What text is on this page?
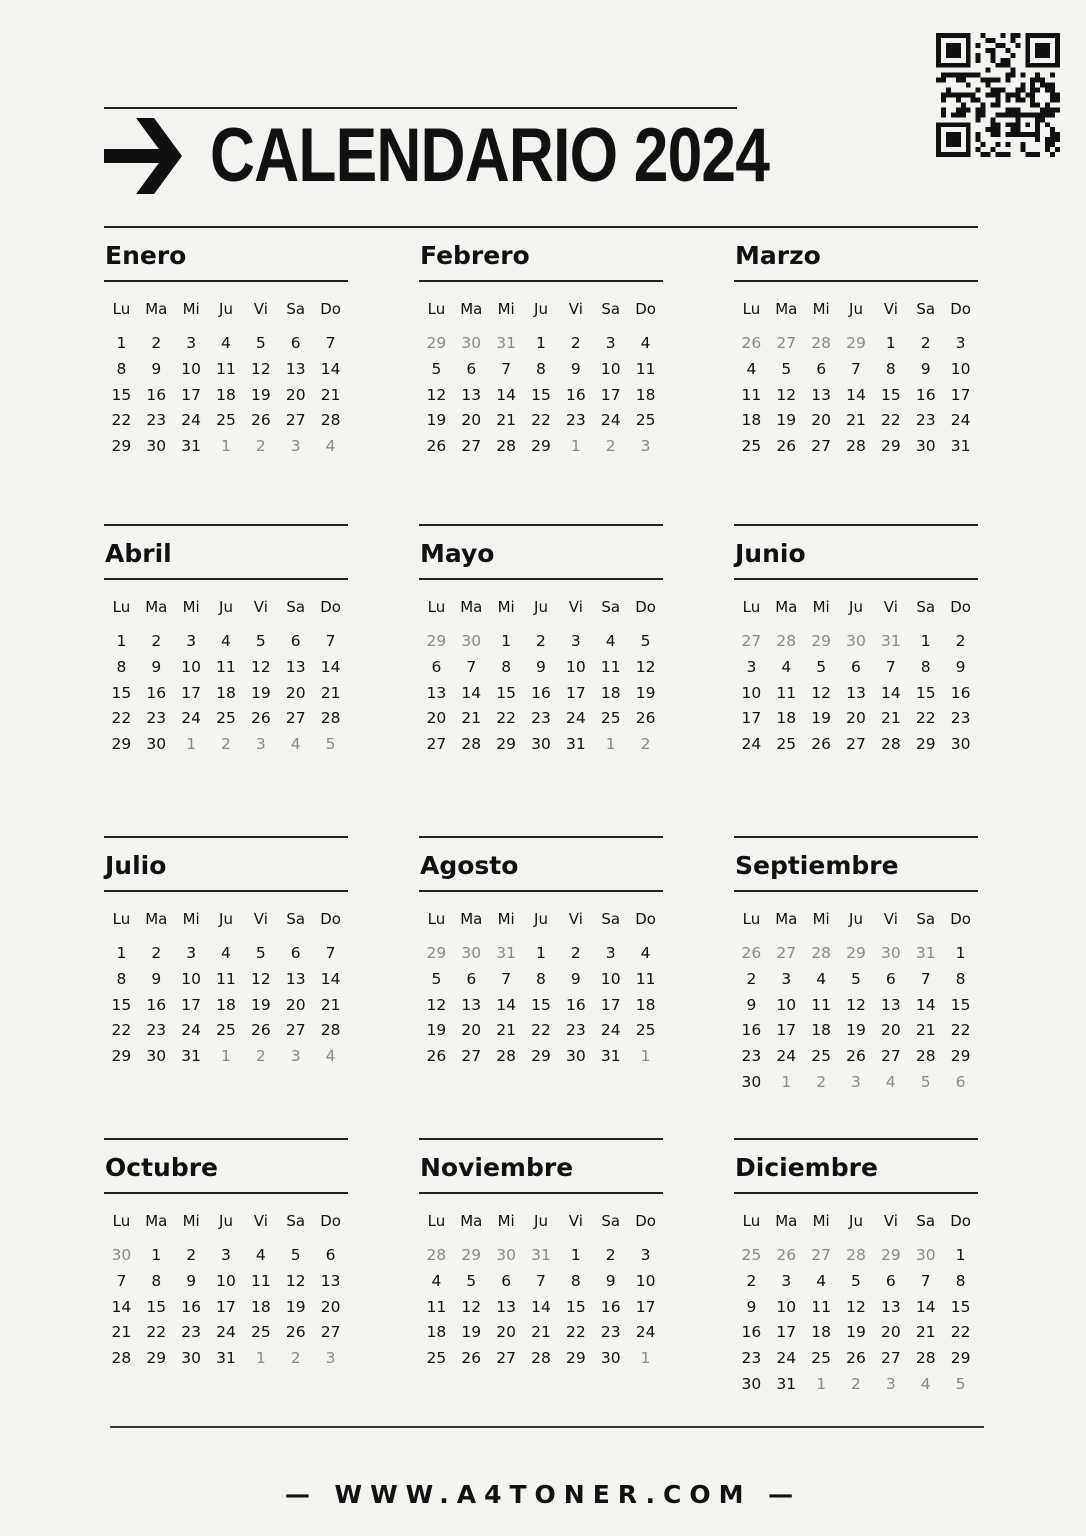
CALENDARIO 2024
Enero
Lu Ma	Mi	Ju	Vi	Sa	Do
1	2	3	4	5	6	7
8	9	10 11 12 13 14
15 16 17 18 19 20 21
22 23 24 25 26 27 28
29 30 31	1	2	3	4
Febrero
Lu Ma	Mi	Ju	Vi	Sa	Do
29 30 31	1	2	3	4
5	6	7	8	9	10 11
12 13 14 15 16 17 18
19 20 21 22 23 24 25
26 27 28 29	1	2	3
Marzo
Lu Ma	Mi	Ju	Vi	Sa	Do
26 27 28 29	1	2	3
4	5	6	7	8	9	10
11 12 13 14 15 16 17
18 19 20 21 22 23 24
25 26 27 28 29 30 31
Abril
Lu Ma	Mi	Ju	Vi	Sa	Do
1	2	3	4	5	6	7
8	9	10 11 12 13 14
15 16 17 18 19 20 21
22 23 24 25 26 27 28
29 30	1	2	3	4	5
Mayo
Lu Ma	Mi	Ju	Vi	Sa	Do
29 30	1	2	3	4	5
6	7	8	9	10 11 12
13 14 15 16 17 18 19
20 21 22 23 24 25 26
27 28 29 30 31	1	2
Junio
Lu Ma	Mi	Ju	Vi	Sa	Do
27 28 29 30 31	1	2
3	4	5	6	7	8	9
10 11 12 13 14 15 16
17 18 19 20 21 22 23
24 25 26 27 28 29 30
Julio
Lu Ma	Mi	Ju	Vi	Sa	Do
1	2	3	4	5	6	7
8	9	10 11 12 13 14
15 16 17 18 19 20 21
22 23 24 25 26 27 28
29 30 31	1	2	3	4
Agosto
Lu Ma	Mi	Ju	Vi	Sa	Do
29 30 31	1	2	3	4
5	6	7	8	9	10 11
12 13 14 15 16 17 18
19 20 21 22 23 24 25
26 27 28 29 30 31	1
Septiembre
Lu Ma	Mi	Ju	Vi	Sa	Do
26 27 28 29 30 31	1
2	3	4	5	6	7	8
9	10 11 12 13 14 15
16 17 18 19 20 21 22
23 24 25 26 27 28 29
30	1	2	3	4	5	6
Octubre
Lu Ma	Mi	Ju	Vi	Sa	Do
30	1	2	3	4	5	6
7	8	9	10 11 12 13
14 15 16 17 18 19 20
21 22 23 24 25 26 27
28 29 30 31	1	2	3
Noviembre
Lu Ma	Mi	Ju	Vi	Sa	Do
28 29 30 31	1	2	3
4	5	6	7	8	9	10
11 12 13 14 15 16 17
18 19 20 21 22 23 24
25 26 27 28 29 30	1
Diciembre
Lu Ma	Mi	Ju	Vi	Sa	Do
25 26 27 28 29 30	1
2	3	4	5	6	7	8
9	10 11 12 13 14 15
16 17 18 19 20 21 22
23 24 25 26 27 28 29
30 31	1	2	3	4	5
— WWW.A4TONER.COM —
